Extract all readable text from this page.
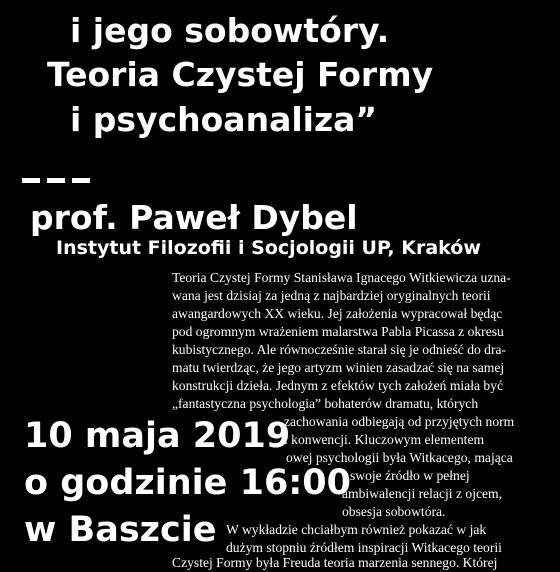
i jego sobowtóry.
Teoria Czystej Formy
i psychoanaliza”
prof. Paweł Dybel
Instytut Filozofii i Socjologii UP, Kraków
Teoria Czystej Formy Stanisława Ignacego Witkiewicza uzna-
wana jest dzisiaj za jedną z najbardziej oryginalnych teorii
awangardowych XX wieku. Jej założenia wypracował będąc
pod ogromnym wrażeniem malarstwa Pabla Picassa z okresu
kubistycznego. Ale równocześnie starał się je odnieść do dra-
matu twierdząc, że jego artyzm winien zasadzać się na samej
konstrukcji dzieła. Jednym z efektów tych założeń miała być
„fantastyczna psychologia” bohaterów dramatu, których
zachowania odbiegają od przyjętych norm
i konwencji. Kluczowym elementem
owej psychologii była Witkacego, mająca
swoje źródło w pełnej
ambiwalencji relacji z ojcem,
obsesja sobowtóra.
W wykładzie chciałbym również pokazać w jak
dużym stopniu źródłem inspiracji Witkacego teorii
Czystej Formy była Freuda teoria marzenia sennego. Której
10 maja 2019
o godzinie 16:00
w Baszcie
